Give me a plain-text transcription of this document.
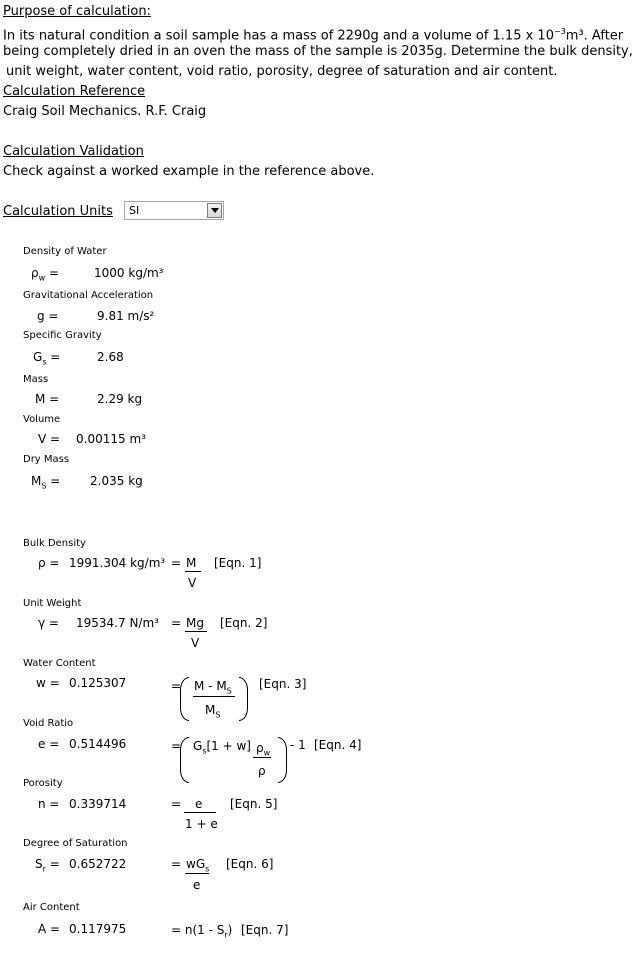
Purpose of calculation:
In its natural condition a soil sample has a mass of 2290g and a volume of 1.15 x $10^{-3}m^3$. After
being completely dried in an oven the mass of the sample is 2035g. Determine the bulk density,
unit weight, water content, void ratio, porosity, degree of saturation and air content.
Calculation Reference
Craig Soil Mechanics. R.F. Craig
Calculation Validation
Check against a worked example in the reference above.
Calculation Units SI
Density of Water
$\rho_w$ =	1000 kg/m³
Gravitational Acceleration
g =	9.81 m/s²
Specific Gravity
$G_s$ =	2.68
Mass
M =	2.29 kg
Volume
V = 0.00115 m³
Dry Mass
$M_S = 2.035$ kg
Bulk Density
ρ = 1991.304 kg/m³ = M
V
[Eqn. 1]
Unit Weight
γ = 19534.7 N/m³ = Mg
V
[Eqn. 2]
Water Content
w = 0.125307	= M - $M_S$
$M_S$
[Eqn. 3]
Void Ratio
e = 0.514496	= $G_s[1 + w]$ $\rho_w$
ρ
- 1 [Eqn. 4]
Porosity
n = 0.339714	= e
1 + e
[Eqn. 5]
Degree of Saturation
$S_r = 0.652722$	= $wG_s$
e
[Eqn. 6]
Air Content
A = 0.117975	= $n(1 - S_r)$ [Eqn. 7]
